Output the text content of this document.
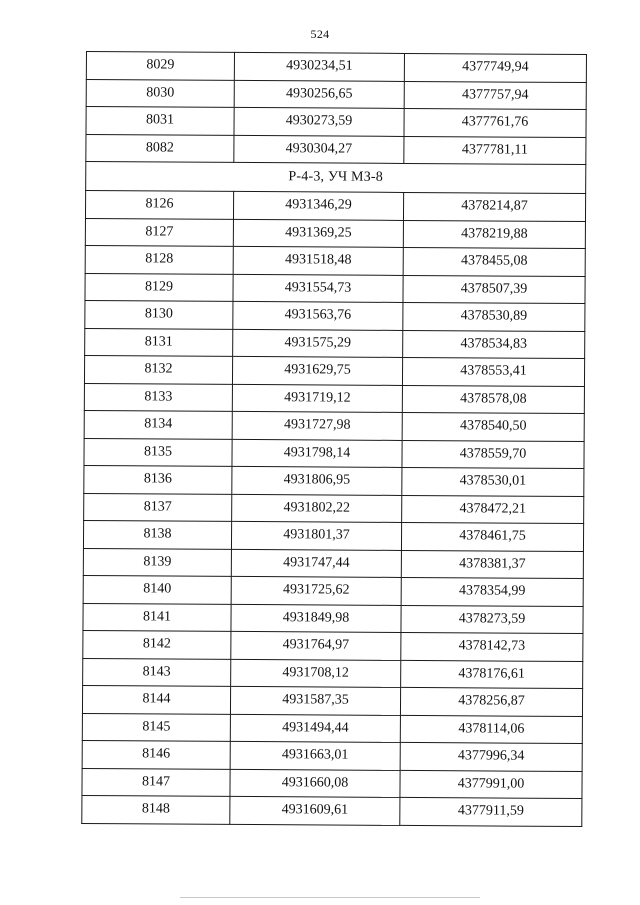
524
8029	4930234,51	4377749,94
8030	4930256,65	4377757,94
8031	4930273,59	4377761,76
8082	4930304,27	4377781,11
Р-4-3, УЧ МЗ-8		
8126	4931346,29	4378214,87
8127	4931369,25	4378219,88
8128	4931518,48	4378455,08
8129	4931554,73	4378507,39
8130	4931563,76	4378530,89
8131	4931575,29	4378534,83
8132	4931629,75	4378553,41
8133	4931719,12	4378578,08
8134	4931727,98	4378540,50
8135	4931798,14	4378559,70
8136	4931806,95	4378530,01
8137	4931802,22	4378472,21
8138	4931801,37	4378461,75
8139	4931747,44	4378381,37
8140	4931725,62	4378354,99
8141	4931849,98	4378273,59
8142	4931764,97	4378142,73
8143	4931708,12	4378176,61
8144	4931587,35	4378256,87
8145	4931494,44	4378114,06
8146	4931663,01	4377996,34
8147	4931660,08	4377991,00
8148	4931609,61	4377911,59
